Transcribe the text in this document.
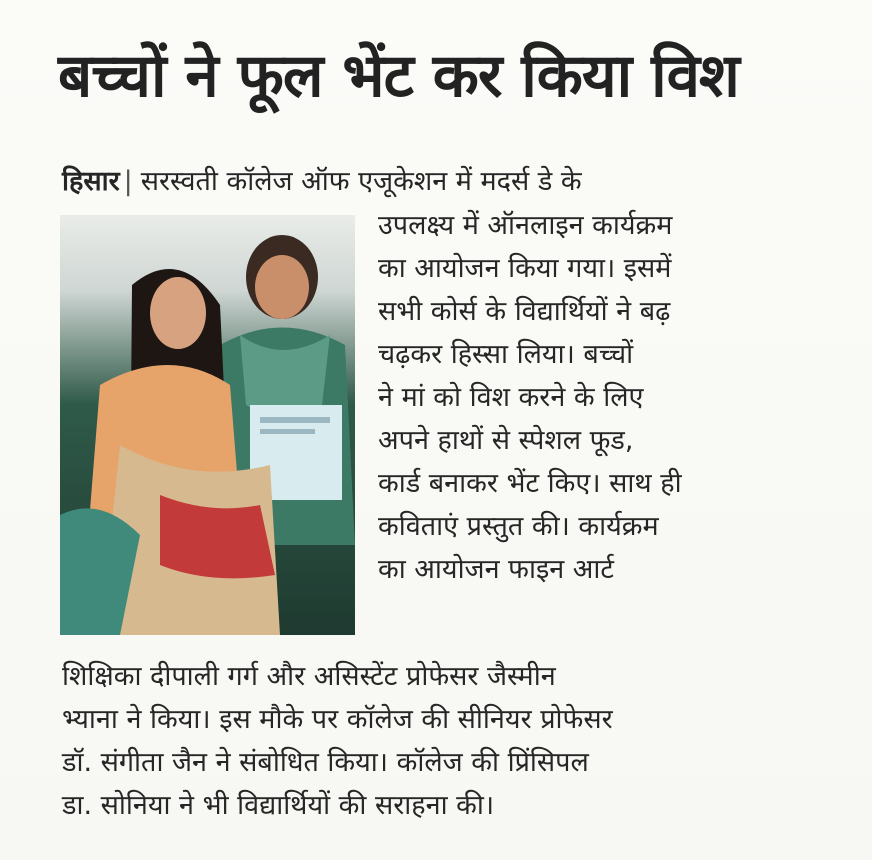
बच्चों ने फूल भेंट कर किया विश
हिसार | सरस्वती कॉलेज ऑफ एजूकेशन में मदर्स डे के
उपलक्ष्य में ऑनलाइन कार्यक्रम
का आयोजन किया गया। इसमें
सभी कोर्स के विद्यार्थियों ने बढ़
चढ़कर हिस्सा लिया। बच्चों
ने मां को विश करने के लिए
अपने हाथों से स्पेशल फूड,
कार्ड बनाकर भेंट किए। साथ ही
कविताएं प्रस्तुत की। कार्यक्रम
का आयोजन फाइन आर्ट
शिक्षिका दीपाली गर्ग और असिस्टेंट प्रोफेसर जैस्मीन
भ्याना ने किया। इस मौके पर कॉलेज की सीनियर प्रोफेसर
डॉ. संगीता जैन ने संबोधित किया। कॉलेज की प्रिंसिपल
डा. सोनिया ने भी विद्यार्थियों की सराहना की।
